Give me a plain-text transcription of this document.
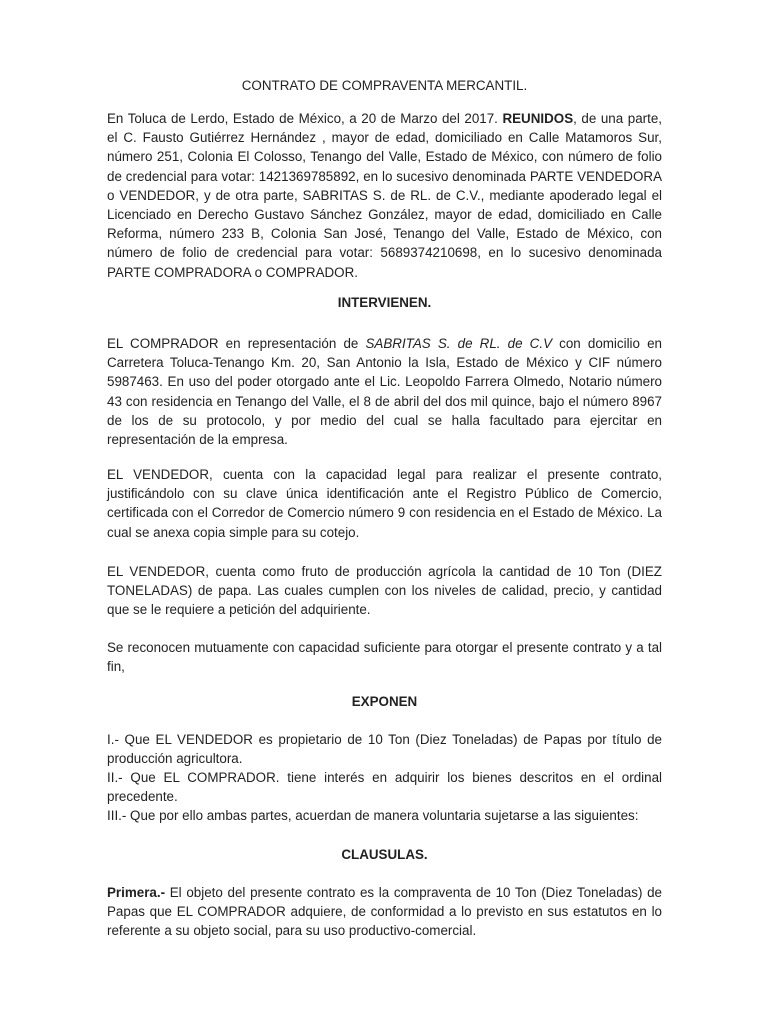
CONTRATO DE COMPRAVENTA MERCANTIL.

En Toluca de Lerdo, Estado de México, a 20 de Marzo del 2017. REUNIDOS, de una parte, el C. Fausto Gutiérrez Hernández , mayor de edad, domiciliado en Calle Matamoros Sur, número 251, Colonia El Colosso, Tenango del Valle, Estado de México, con número de folio de credencial para votar: 1421369785892, en lo sucesivo denominada PARTE VENDEDORA o VENDEDOR, y de otra parte, SABRITAS S. de RL. de C.V., mediante apoderado legal el Licenciado en Derecho Gustavo Sánchez González, mayor de edad, domiciliado en Calle Reforma, número 233 B, Colonia San José, Tenango del Valle, Estado de México, con número de folio de credencial para votar: 5689374210698, en lo sucesivo denominada PARTE COMPRADORA o COMPRADOR.

INTERVIENEN.

EL COMPRADOR en representación de SABRITAS S. de RL. de C.V con domicilio en Carretera Toluca-Tenango Km. 20, San Antonio la Isla, Estado de México y CIF número 5987463. En uso del poder otorgado ante el Lic. Leopoldo Farrera Olmedo, Notario número 43 con residencia en Tenango del Valle, el 8 de abril del dos mil quince, bajo el número 8967 de los de su protocolo, y por medio del cual se halla facultado para ejercitar en representación de la empresa.

EL VENDEDOR, cuenta con la capacidad legal para realizar el presente contrato, justificándolo con su clave única identificación ante el Registro Público de Comercio, certificada con el Corredor de Comercio número 9 con residencia en el Estado de México. La cual se anexa copia simple para su cotejo.

EL VENDEDOR, cuenta como fruto de producción agrícola la cantidad de 10 Ton (DIEZ TONELADAS) de papa. Las cuales cumplen con los niveles de calidad, precio, y cantidad que se le requiere a petición del adquiriente.

Se reconocen mutuamente con capacidad suficiente para otorgar el presente contrato y a tal fin,

EXPONEN

I.- Que EL VENDEDOR es propietario de 10 Ton (Diez Toneladas) de Papas por título de producción agricultora.

II.- Que EL COMPRADOR. tiene interés en adquirir los bienes descritos en el ordinal precedente.

III.- Que por ello ambas partes, acuerdan de manera voluntaria sujetarse a las siguientes:

CLAUSULAS.

Primera.- El objeto del presente contrato es la compraventa de 10 Ton (Diez Toneladas) de Papas que EL COMPRADOR adquiere, de conformidad a lo previsto en sus estatutos en lo referente a su objeto social, para su uso productivo-comercial.
